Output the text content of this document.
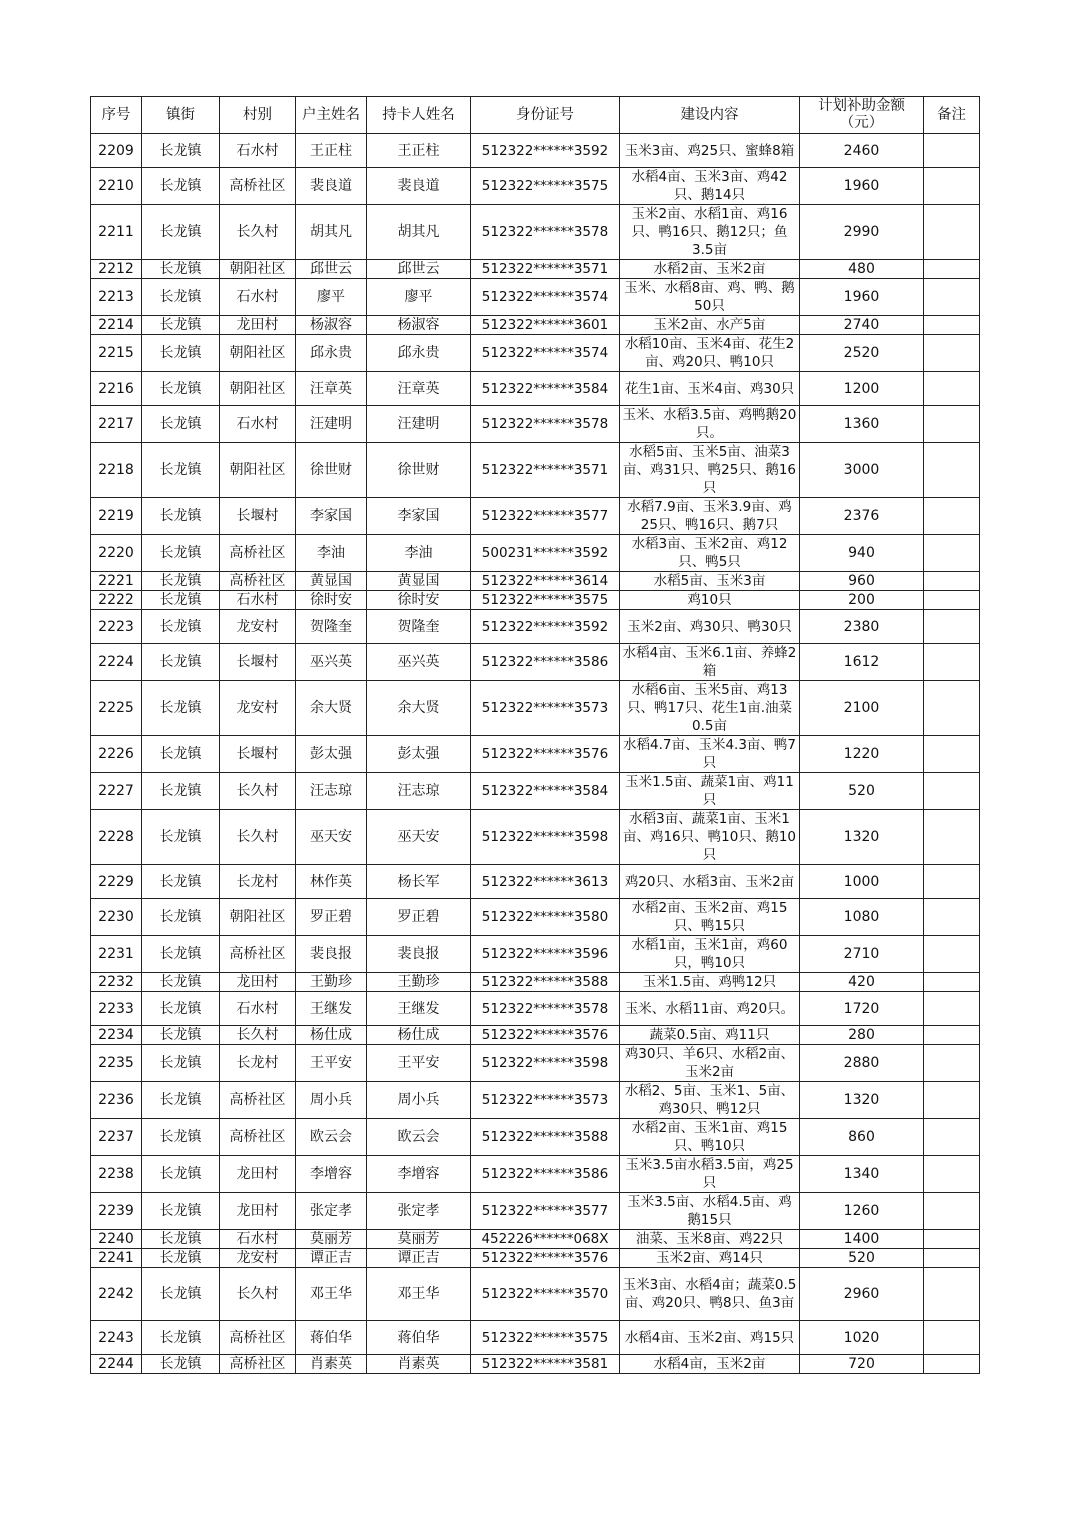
序号	镇街	村别	户主姓名	持卡人姓名	身份证号	建设内容	计划补助金额（元）	备注
2209	长龙镇	石水村	王正柱	王正柱	512322******3592	玉米3亩、鸡25只、蜜蜂8箱	2460	
2210	长龙镇	高桥社区	裴良道	裴良道	512322******3575	水稻4亩、玉米3亩、鸡42只、鹅14只	1960	
2211	长龙镇	长久村	胡其凡	胡其凡	512322******3578	玉米2亩、水稻1亩、鸡16只、鸭16只、鹅12只；鱼3.5亩	2990	
2212	长龙镇	朝阳社区	邱世云	邱世云	512322******3571	水稻2亩、玉米2亩	480	
2213	长龙镇	石水村	廖平	廖平	512322******3574	玉米、水稻8亩、鸡、鸭、鹅50只	1960	
2214	长龙镇	龙田村	杨淑容	杨淑容	512322******3601	玉米2亩、水产5亩	2740	
2215	长龙镇	朝阳社区	邱永贵	邱永贵	512322******3574	水稻10亩、玉米4亩、花生2亩、鸡20只、鸭10只	2520	
2216	长龙镇	朝阳社区	汪章英	汪章英	512322******3584	花生1亩、玉米4亩、鸡30只	1200	
2217	长龙镇	石水村	汪建明	汪建明	512322******3578	玉米、水稻3.5亩、鸡鸭鹅20只。	1360	
2218	长龙镇	朝阳社区	徐世财	徐世财	512322******3571	水稻5亩、玉米5亩、油菜3亩、鸡31只、鸭25只、鹅16只	3000	
2219	长龙镇	长堰村	李家国	李家国	512322******3577	水稻7.9亩、玉米3.9亩、鸡25只、鸭16只、鹅7只	2376	
2220	长龙镇	高桥社区	李油	李油	500231******3592	水稻3亩、玉米2亩、鸡12只、鸭5只	940	
2221	长龙镇	高桥社区	黄显国	黄显国	512322******3614	水稻5亩、玉米3亩	960	
2222	长龙镇	石水村	徐时安	徐时安	512322******3575	鸡10只	200	
2223	长龙镇	龙安村	贺隆奎	贺隆奎	512322******3592	玉米2亩、鸡30只、鸭30只	2380	
2224	长龙镇	长堰村	巫兴英	巫兴英	512322******3586	水稻4亩、玉米6.1亩、养蜂2箱	1612	
2225	长龙镇	龙安村	余大贤	余大贤	512322******3573	水稻6亩、玉米5亩、鸡13只、鸭17只、花生1亩.油菜0.5亩	2100	
2226	长龙镇	长堰村	彭太强	彭太强	512322******3576	水稻4.7亩、玉米4.3亩、鸭7只	1220	
2227	长龙镇	长久村	汪志琼	汪志琼	512322******3584	玉米1.5亩、蔬菜1亩、鸡11只	520	
2228	长龙镇	长久村	巫天安	巫天安	512322******3598	水稻3亩、蔬菜1亩、玉米1亩、鸡16只、鸭10只、鹅10只	1320	
2229	长龙镇	长龙村	林作英	杨长军	512322******3613	鸡20只、水稻3亩、玉米2亩	1000	
2230	长龙镇	朝阳社区	罗正碧	罗正碧	512322******3580	水稻2亩、玉米2亩、鸡15只、鸭15只	1080	
2231	长龙镇	高桥社区	裴良报	裴良报	512322******3596	水稻1亩，玉米1亩，鸡60只，鸭10只	2710	
2232	长龙镇	龙田村	王勤珍	王勤珍	512322******3588	玉米1.5亩、鸡鸭12只	420	
2233	长龙镇	石水村	王继发	王继发	512322******3578	玉米、水稻11亩、鸡20只。	1720	
2234	长龙镇	长久村	杨仕成	杨仕成	512322******3576	蔬菜0.5亩、鸡11只	280	
2235	长龙镇	长龙村	王平安	王平安	512322******3598	鸡30只、羊6只、水稻2亩、玉米2亩	2880	
2236	长龙镇	高桥社区	周小兵	周小兵	512322******3573	水稻2、5亩、玉米1、5亩、鸡30只、鸭12只	1320	
2237	长龙镇	高桥社区	欧云会	欧云会	512322******3588	水稻2亩、玉米1亩、鸡15只、鸭10只	860	
2238	长龙镇	龙田村	李增容	李增容	512322******3586	玉米3.5亩水稻3.5亩，鸡25只	1340	
2239	长龙镇	龙田村	张定孝	张定孝	512322******3577	玉米3.5亩、水稻4.5亩、鸡鹅15只	1260	
2240	长龙镇	石水村	莫丽芳	莫丽芳	452226******068X	油菜、玉米8亩、鸡22只	1400	
2241	长龙镇	龙安村	谭正吉	谭正吉	512322******3576	玉米2亩、鸡14只	520	
2242	长龙镇	长久村	邓王华	邓王华	512322******3570	玉米3亩、水稻4亩；蔬菜0.5亩、鸡20只、鸭8只、鱼3亩	2960	
2243	长龙镇	高桥社区	蒋伯华	蒋伯华	512322******3575	水稻4亩、玉米2亩、鸡15只	1020	
2244	长龙镇	高桥社区	肖素英	肖素英	512322******3581	水稻4亩，玉米2亩	720	
